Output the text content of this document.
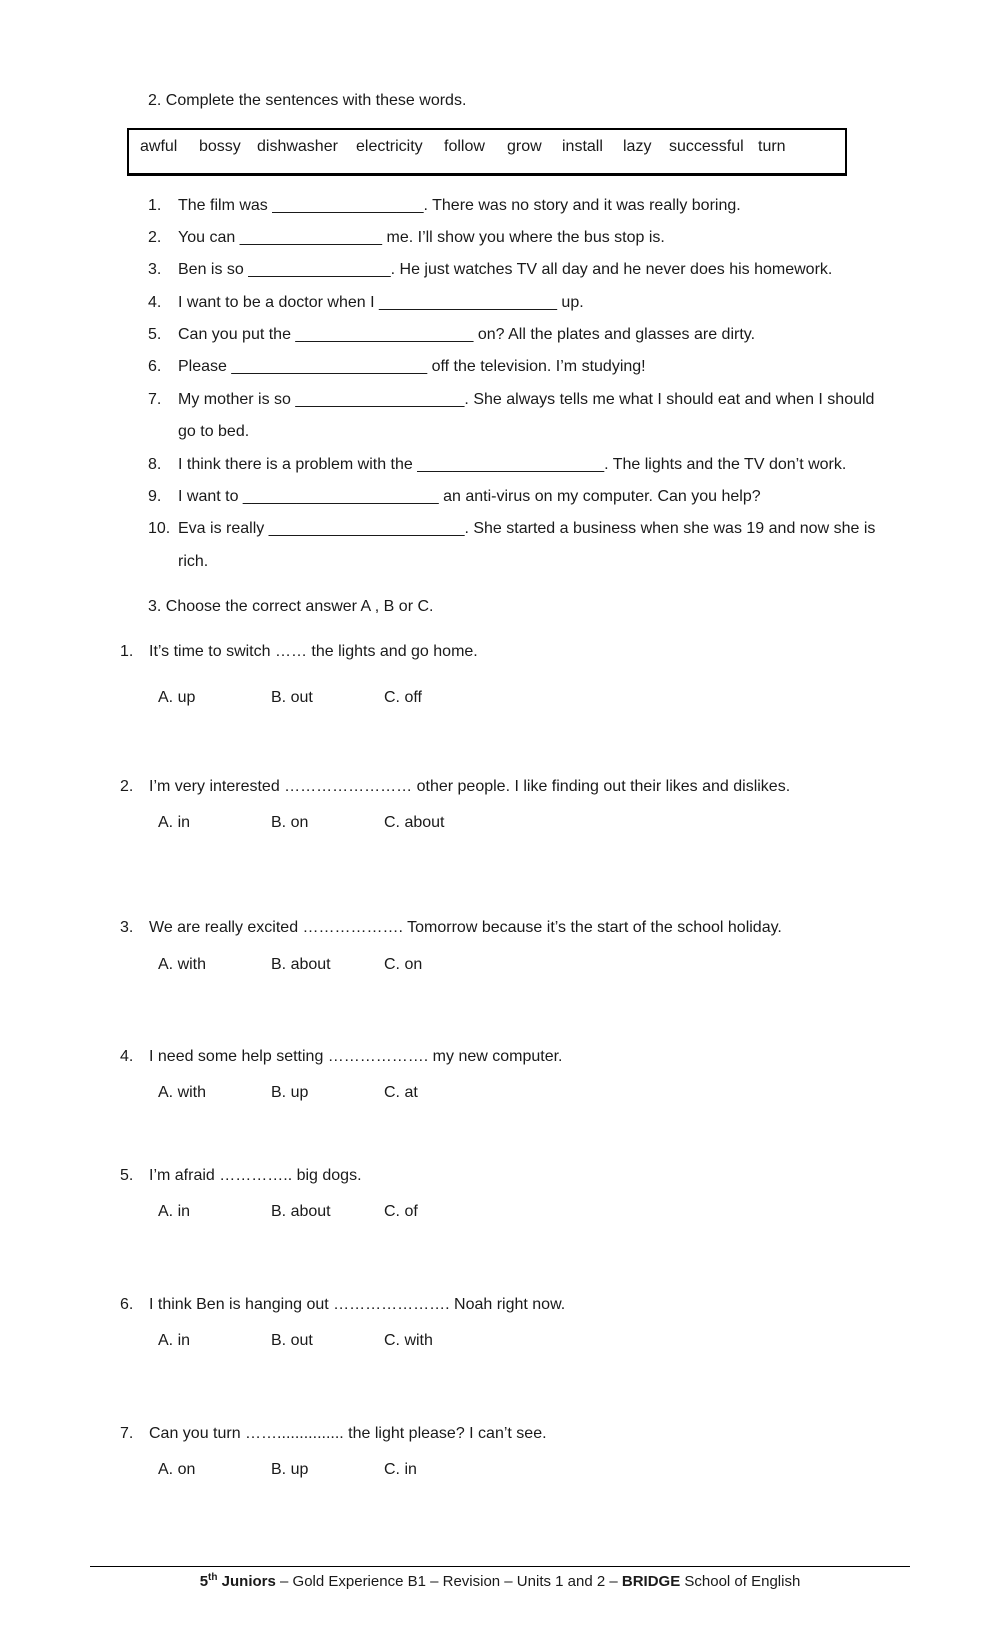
2. Complete the sentences with these words.
awful bossy dishwasher electricity follow grow install lazy successful turn
1. The film was _________________. There was no story and it was really boring.
2. You can ________________ me. I’ll show you where the bus stop is.
3. Ben is so ________________. He just watches TV all day and he never does his homework.
4. I want to be a doctor when I ____________________ up.
5. Can you put the ____________________ on? All the plates and glasses are dirty.
6. Please ______________________ off the television. I’m studying!
7. My mother is so ___________________. She always tells me what I should eat and when I should
go to bed.
8. I think there is a problem with the _____________________. The lights and the TV don’t work.
9. I want to ______________________ an anti-virus on my computer. Can you help?
10. Eva is really ______________________. She started a business when she was 19 and now she is
rich.
3. Choose the correct answer A , B or C.
1. It’s time to switch …… the lights and go home.
A. up	B. out	C. off
2. I’m very interested …………………… other people. I like finding out their likes and dislikes.
A. in	B. on	C. about
3. We are really excited ………………. Tomorrow because it’s the start of the school holiday.
A. with	B. about	C. on
4. I need some help setting ………………. my new computer.
A. with	B. up	C. at
5. I’m afraid ………….. big dogs.
A. in	B. about	C. of
6. I think Ben is hanging out …………………. Noah right now.
A. in	B. out	C. with
7. Can you turn ……............... the light please? I can’t see.
A. on	B. up	C. in
5th Juniors – Gold Experience B1 – Revision – Units 1 and 2 – BRIDGE School of English
